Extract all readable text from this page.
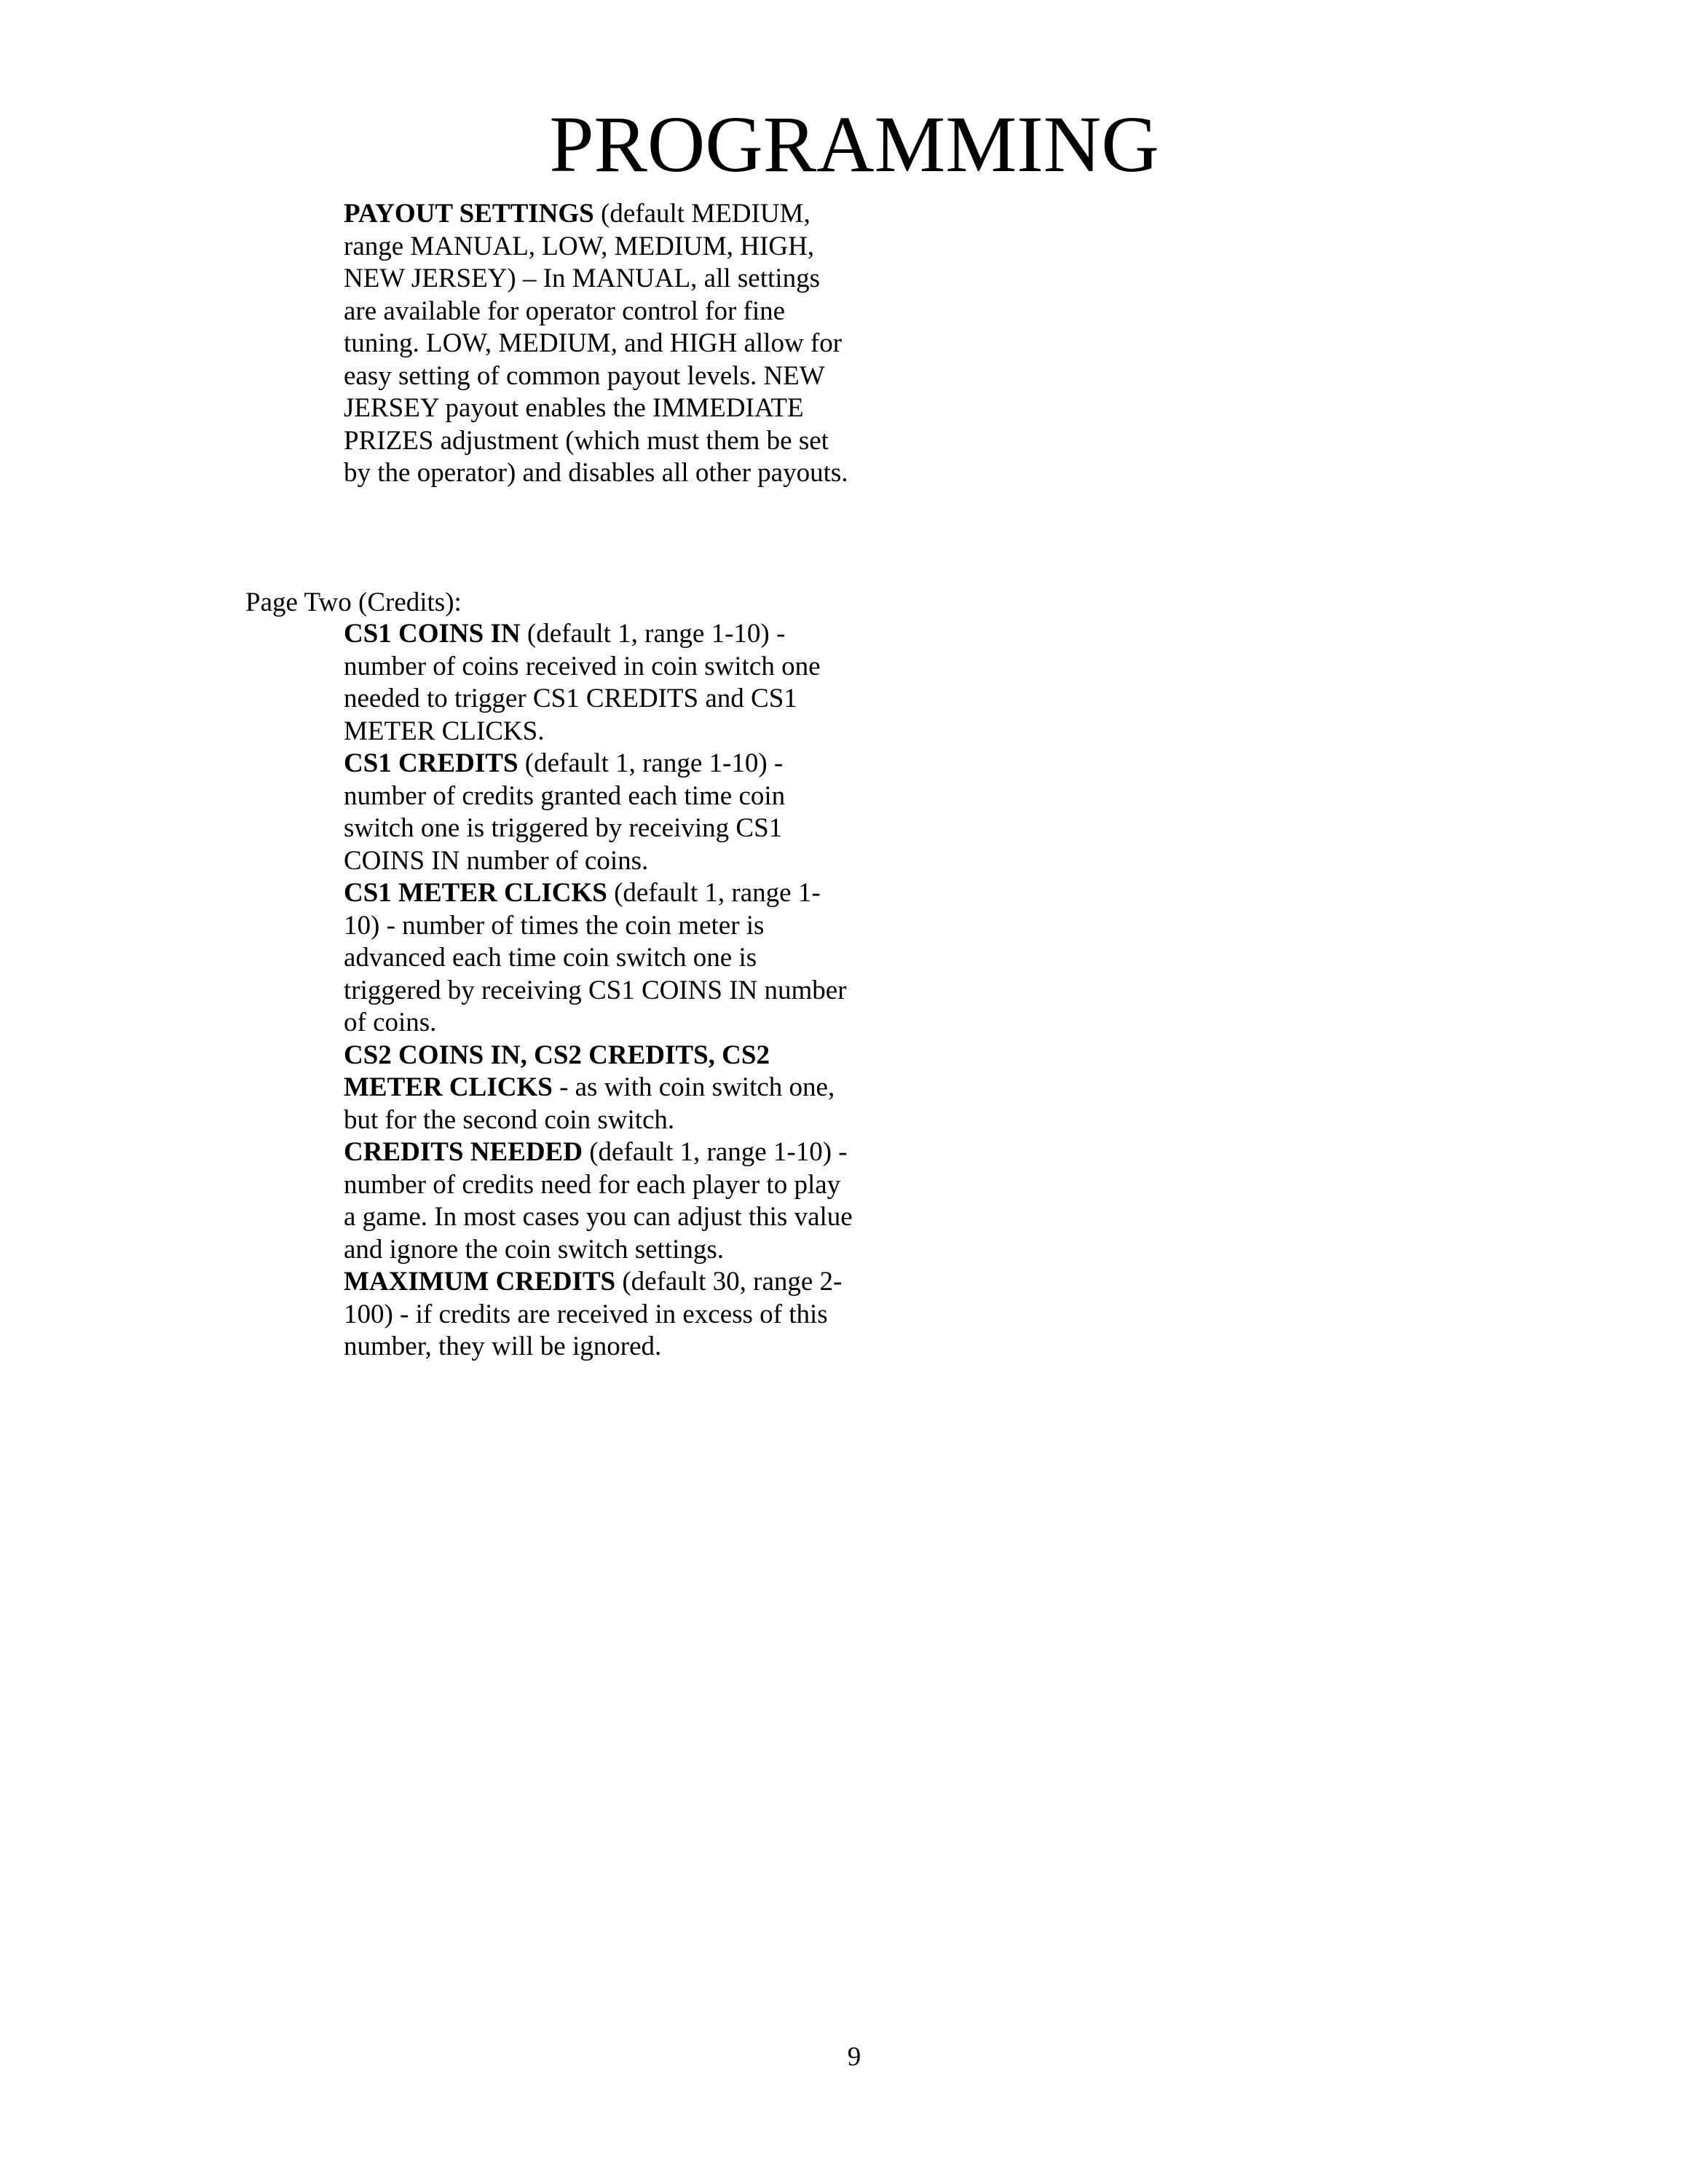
PROGRAMMING
PAYOUT SETTINGS (default MEDIUM, range MANUAL, LOW, MEDIUM, HIGH, NEW JERSEY) – In MANUAL, all settings are available for operator control for fine tuning. LOW, MEDIUM, and HIGH allow for easy setting of common payout levels. NEW JERSEY payout enables the IMMEDIATE PRIZES adjustment (which must them be set by the operator) and disables all other payouts.
Page Two (Credits):
CS1 COINS IN (default 1, range 1-10) - number of coins received in coin switch one needed to trigger CS1 CREDITS and CS1 METER CLICKS.
CS1 CREDITS (default 1, range 1-10) - number of credits granted each time coin switch one is triggered by receiving CS1 COINS IN number of coins.
CS1 METER CLICKS (default 1, range 1-10) - number of times the coin meter is advanced each time coin switch one is triggered by receiving CS1 COINS IN number of coins.
CS2 COINS IN, CS2 CREDITS, CS2 METER CLICKS - as with coin switch one, but for the second coin switch.
CREDITS NEEDED (default 1, range 1-10) - number of credits need for each player to play a game. In most cases you can adjust this value and ignore the coin switch settings.
MAXIMUM CREDITS (default 30, range 2-100) - if credits are received in excess of this number, they will be ignored.
9
